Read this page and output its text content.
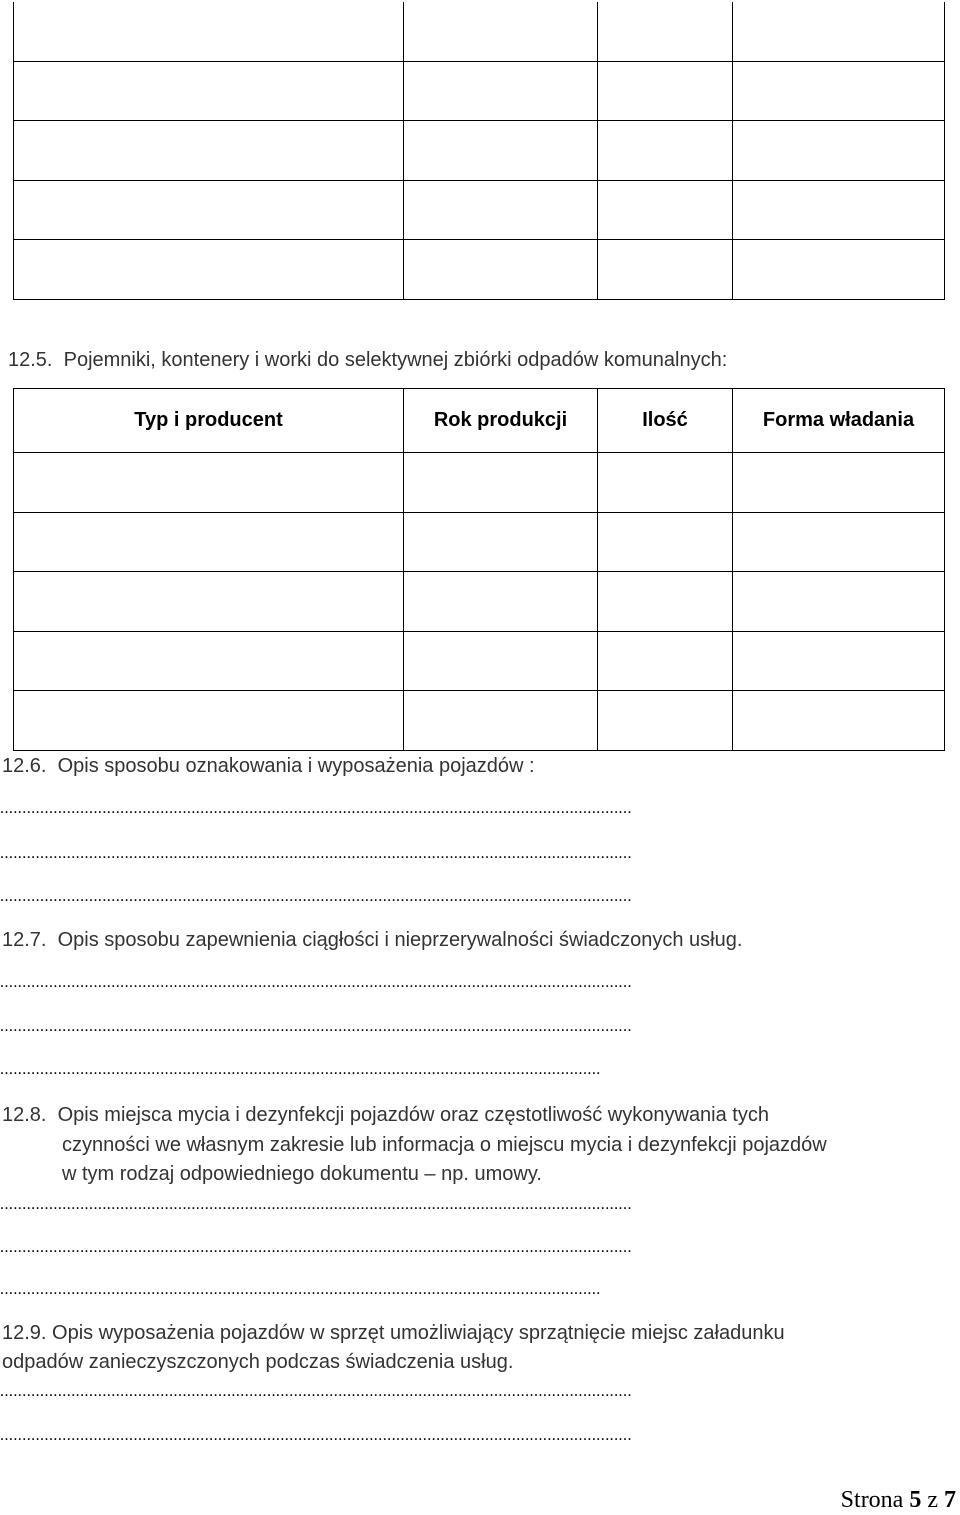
12.5. Pojemniki, kontenery i worki do selektywnej zbiórki odpadów komunalnych:
Typ i producent	Rok produkcji	Ilość	Forma władania
12.6. Opis sposobu oznakowania i wyposażenia pojazdów :
..............................................................................................................................................
..............................................................................................................................................
..............................................................................................................................................
12.7. Opis sposobu zapewnienia ciągłości i nieprzerywalności świadczonych usług.
..............................................................................................................................................
..............................................................................................................................................
.......................................................................................................................................
12.8. Opis miejsca mycia i dezynfekcji pojazdów oraz częstotliwość wykonywania tych
czynności we własnym zakresie lub informacja o miejscu mycia i dezynfekcji pojazdów
w tym rodzaj odpowiedniego dokumentu – np. umowy.
..............................................................................................................................................
..............................................................................................................................................
.......................................................................................................................................
12.9. Opis wyposażenia pojazdów w sprzęt umożliwiający sprzątnięcie miejsc załadunku
odpadów zanieczyszczonych podczas świadczenia usług.
..............................................................................................................................................
..............................................................................................................................................
Strona 5 z 7
